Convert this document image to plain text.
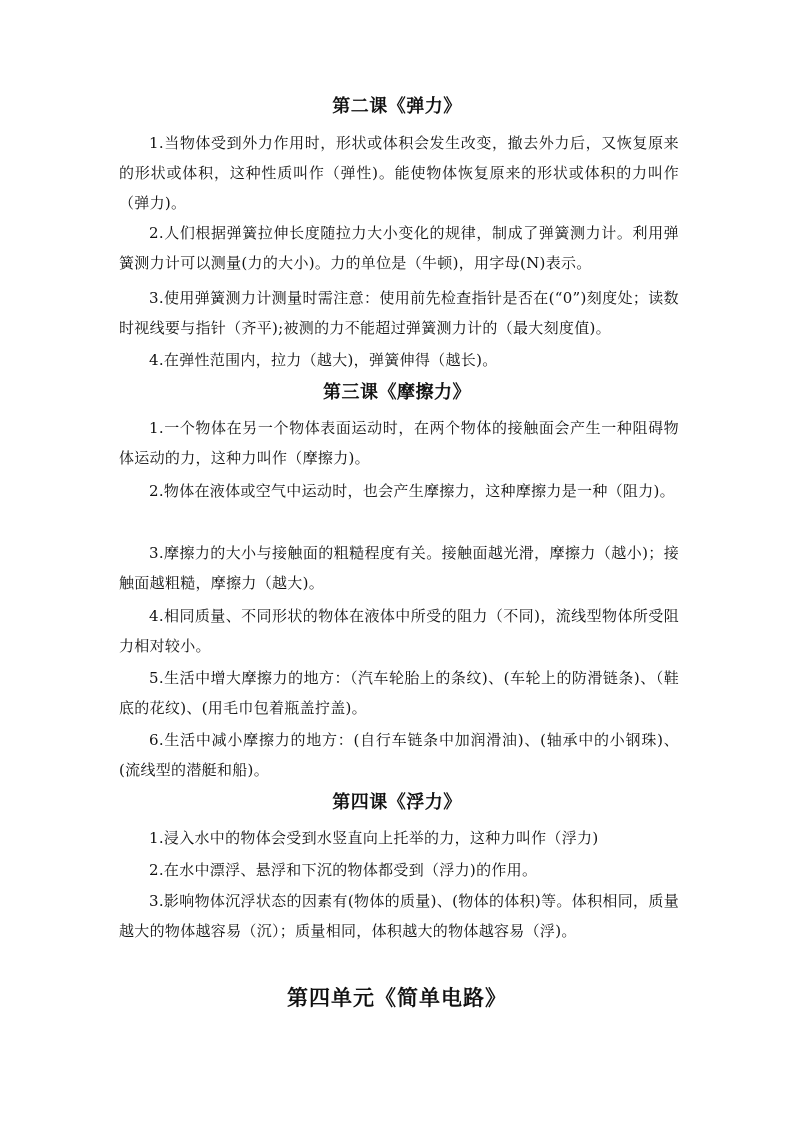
第二课《弹力》

1.当物体受到外力作用时，形状或体积会发生改变，撤去外力后，又恢复原来的形状或体积，这种性质叫作（弹性)。能使物体恢复原来的形状或体积的力叫作（弹力)。

2.人们根据弹簧拉伸长度随拉力大小变化的规律，制成了弹簧测力计。利用弹簧测力计可以测量(力的大小)。力的单位是（牛顿)，用字母(N)表示。

3.使用弹簧测力计测量时需注意：使用前先检查指针是否在(“0”)刻度处；读数时视线要与指针（齐平);被测的力不能超过弹簧测力计的（最大刻度值)。

4.在弹性范围内，拉力（越大)，弹簧伸得（越长)。

第三课《摩擦力》

1.一个物体在另一个物体表面运动时，在两个物体的接触面会产生一种阻碍物体运动的力，这种力叫作（摩擦力)。

2.物体在液体或空气中运动时，也会产生摩擦力，这种摩擦力是一种（阻力)。

3.摩擦力的大小与接触面的粗糙程度有关。接触面越光滑，摩擦力（越小)；接触面越粗糙，摩擦力（越大)。

4.相同质量、不同形状的物体在液体中所受的阻力（不同)，流线型物体所受阻力相对较小。

5.生活中增大摩擦力的地方：（汽车轮胎上的条纹)、(车轮上的防滑链条)、（鞋底的花纹)、(用毛巾包着瓶盖拧盖)。

6.生活中减小摩擦力的地方：(自行车链条中加润滑油)、(轴承中的小钢珠)、(流线型的潜艇和船)。

第四课《浮力》

1.浸入水中的物体会受到水竖直向上托举的力，这种力叫作（浮力)

2.在水中漂浮、悬浮和下沉的物体都受到（浮力)的作用。

3.影响物体沉浮状态的因素有(物体的质量)、(物体的体积)等。体积相同，质量越大的物体越容易（沉）；质量相同，体积越大的物体越容易（浮)。

第四单元《简单电路》
